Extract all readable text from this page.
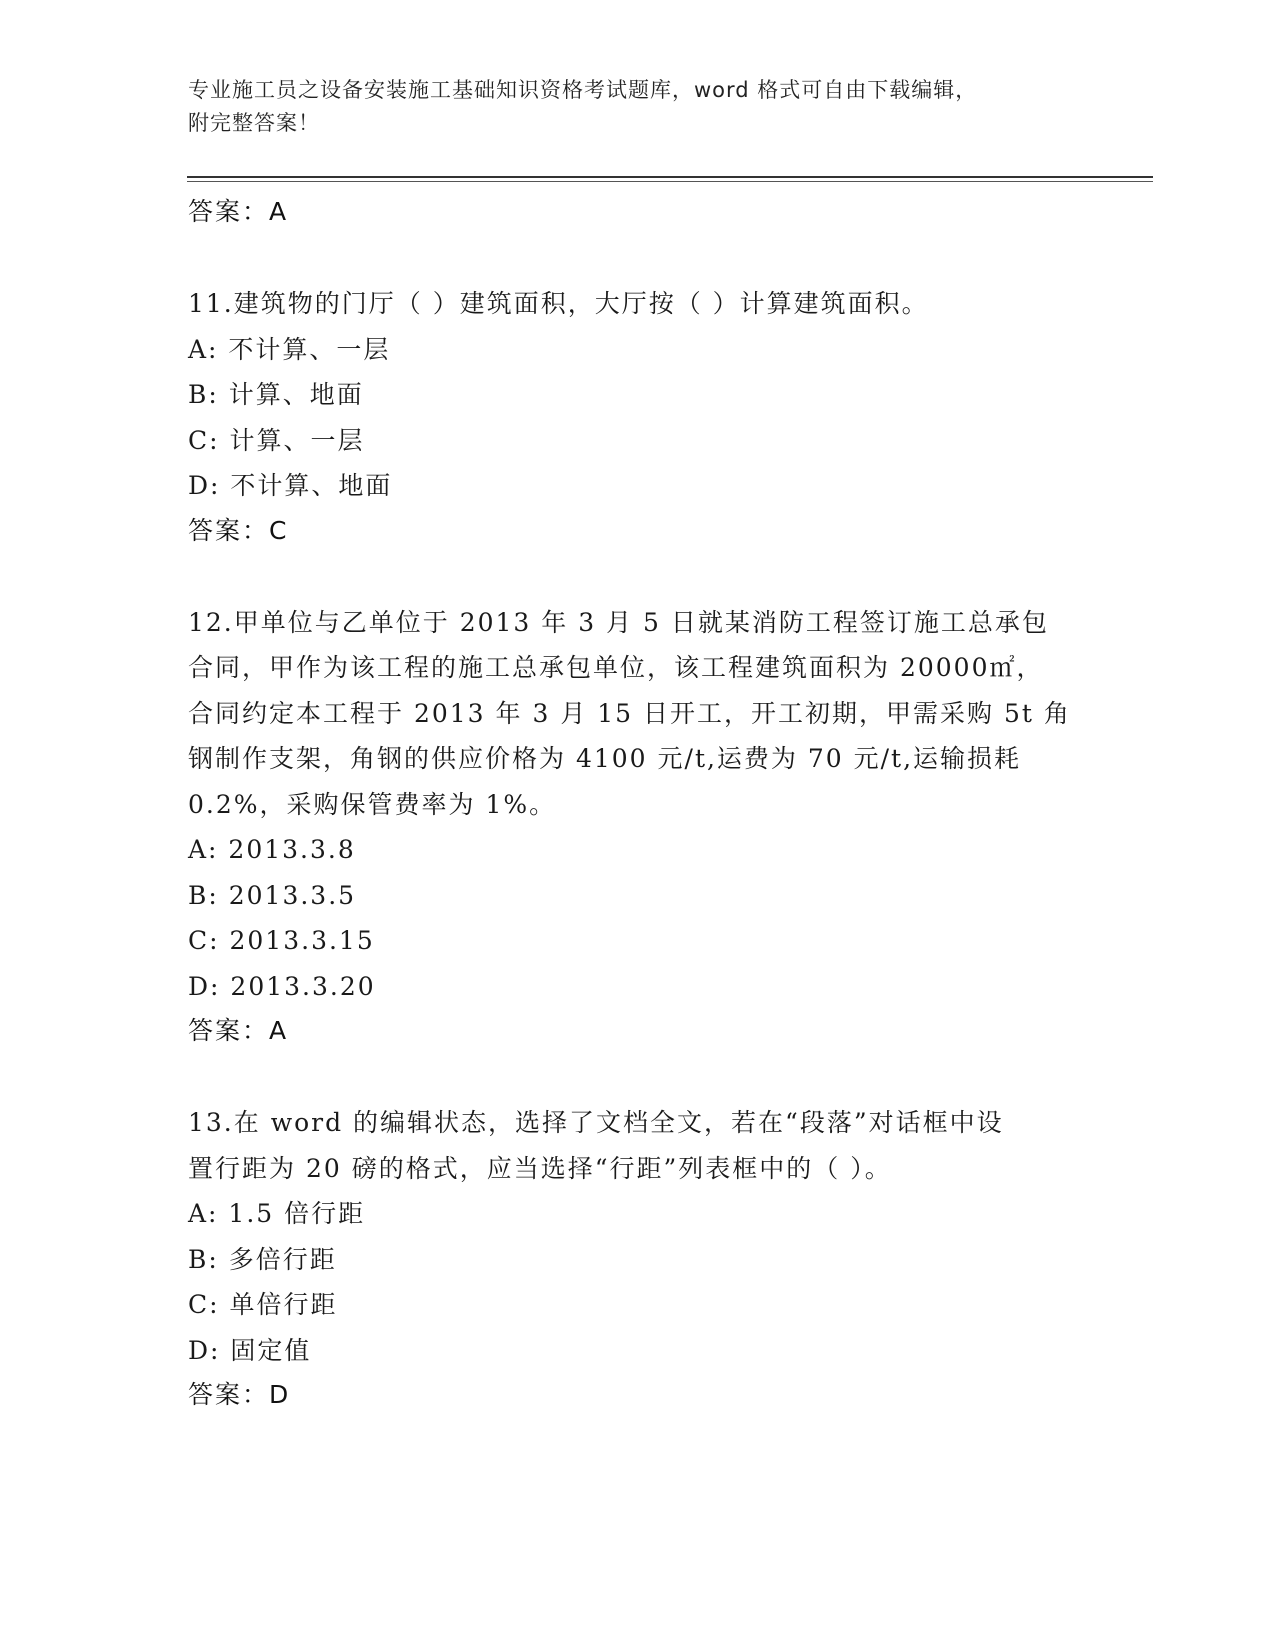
专业施工员之设备安装施工基础知识资格考试题库，word 格式可自由下载编辑，
附完整答案！
答案：A
11.建筑物的门厅（ ）建筑面积，大厅按（ ）计算建筑面积。
A: 不计算、一层
B: 计算、地面
C: 计算、一层
D: 不计算、地面
答案：C
12.甲单位与乙单位于 2013 年 3 月 5 日就某消防工程签订施工总承包
合同，甲作为该工程的施工总承包单位，该工程建筑面积为 20000㎡，
合同约定本工程于 2013 年 3 月 15 日开工，开工初期，甲需采购 5t 角
钢制作支架，角钢的供应价格为 4100 元/t,运费为 70 元/t,运输损耗
0.2%，采购保管费率为 1%。
A: 2013.3.8
B: 2013.3.5
C: 2013.3.15
D: 2013.3.20
答案：A
13.在 word 的编辑状态，选择了文档全文，若在“段落”对话框中设
置行距为 20 磅的格式，应当选择“行距”列表框中的（ ）。
A: 1.5 倍行距
B: 多倍行距
C: 单倍行距
D: 固定值
答案：D
